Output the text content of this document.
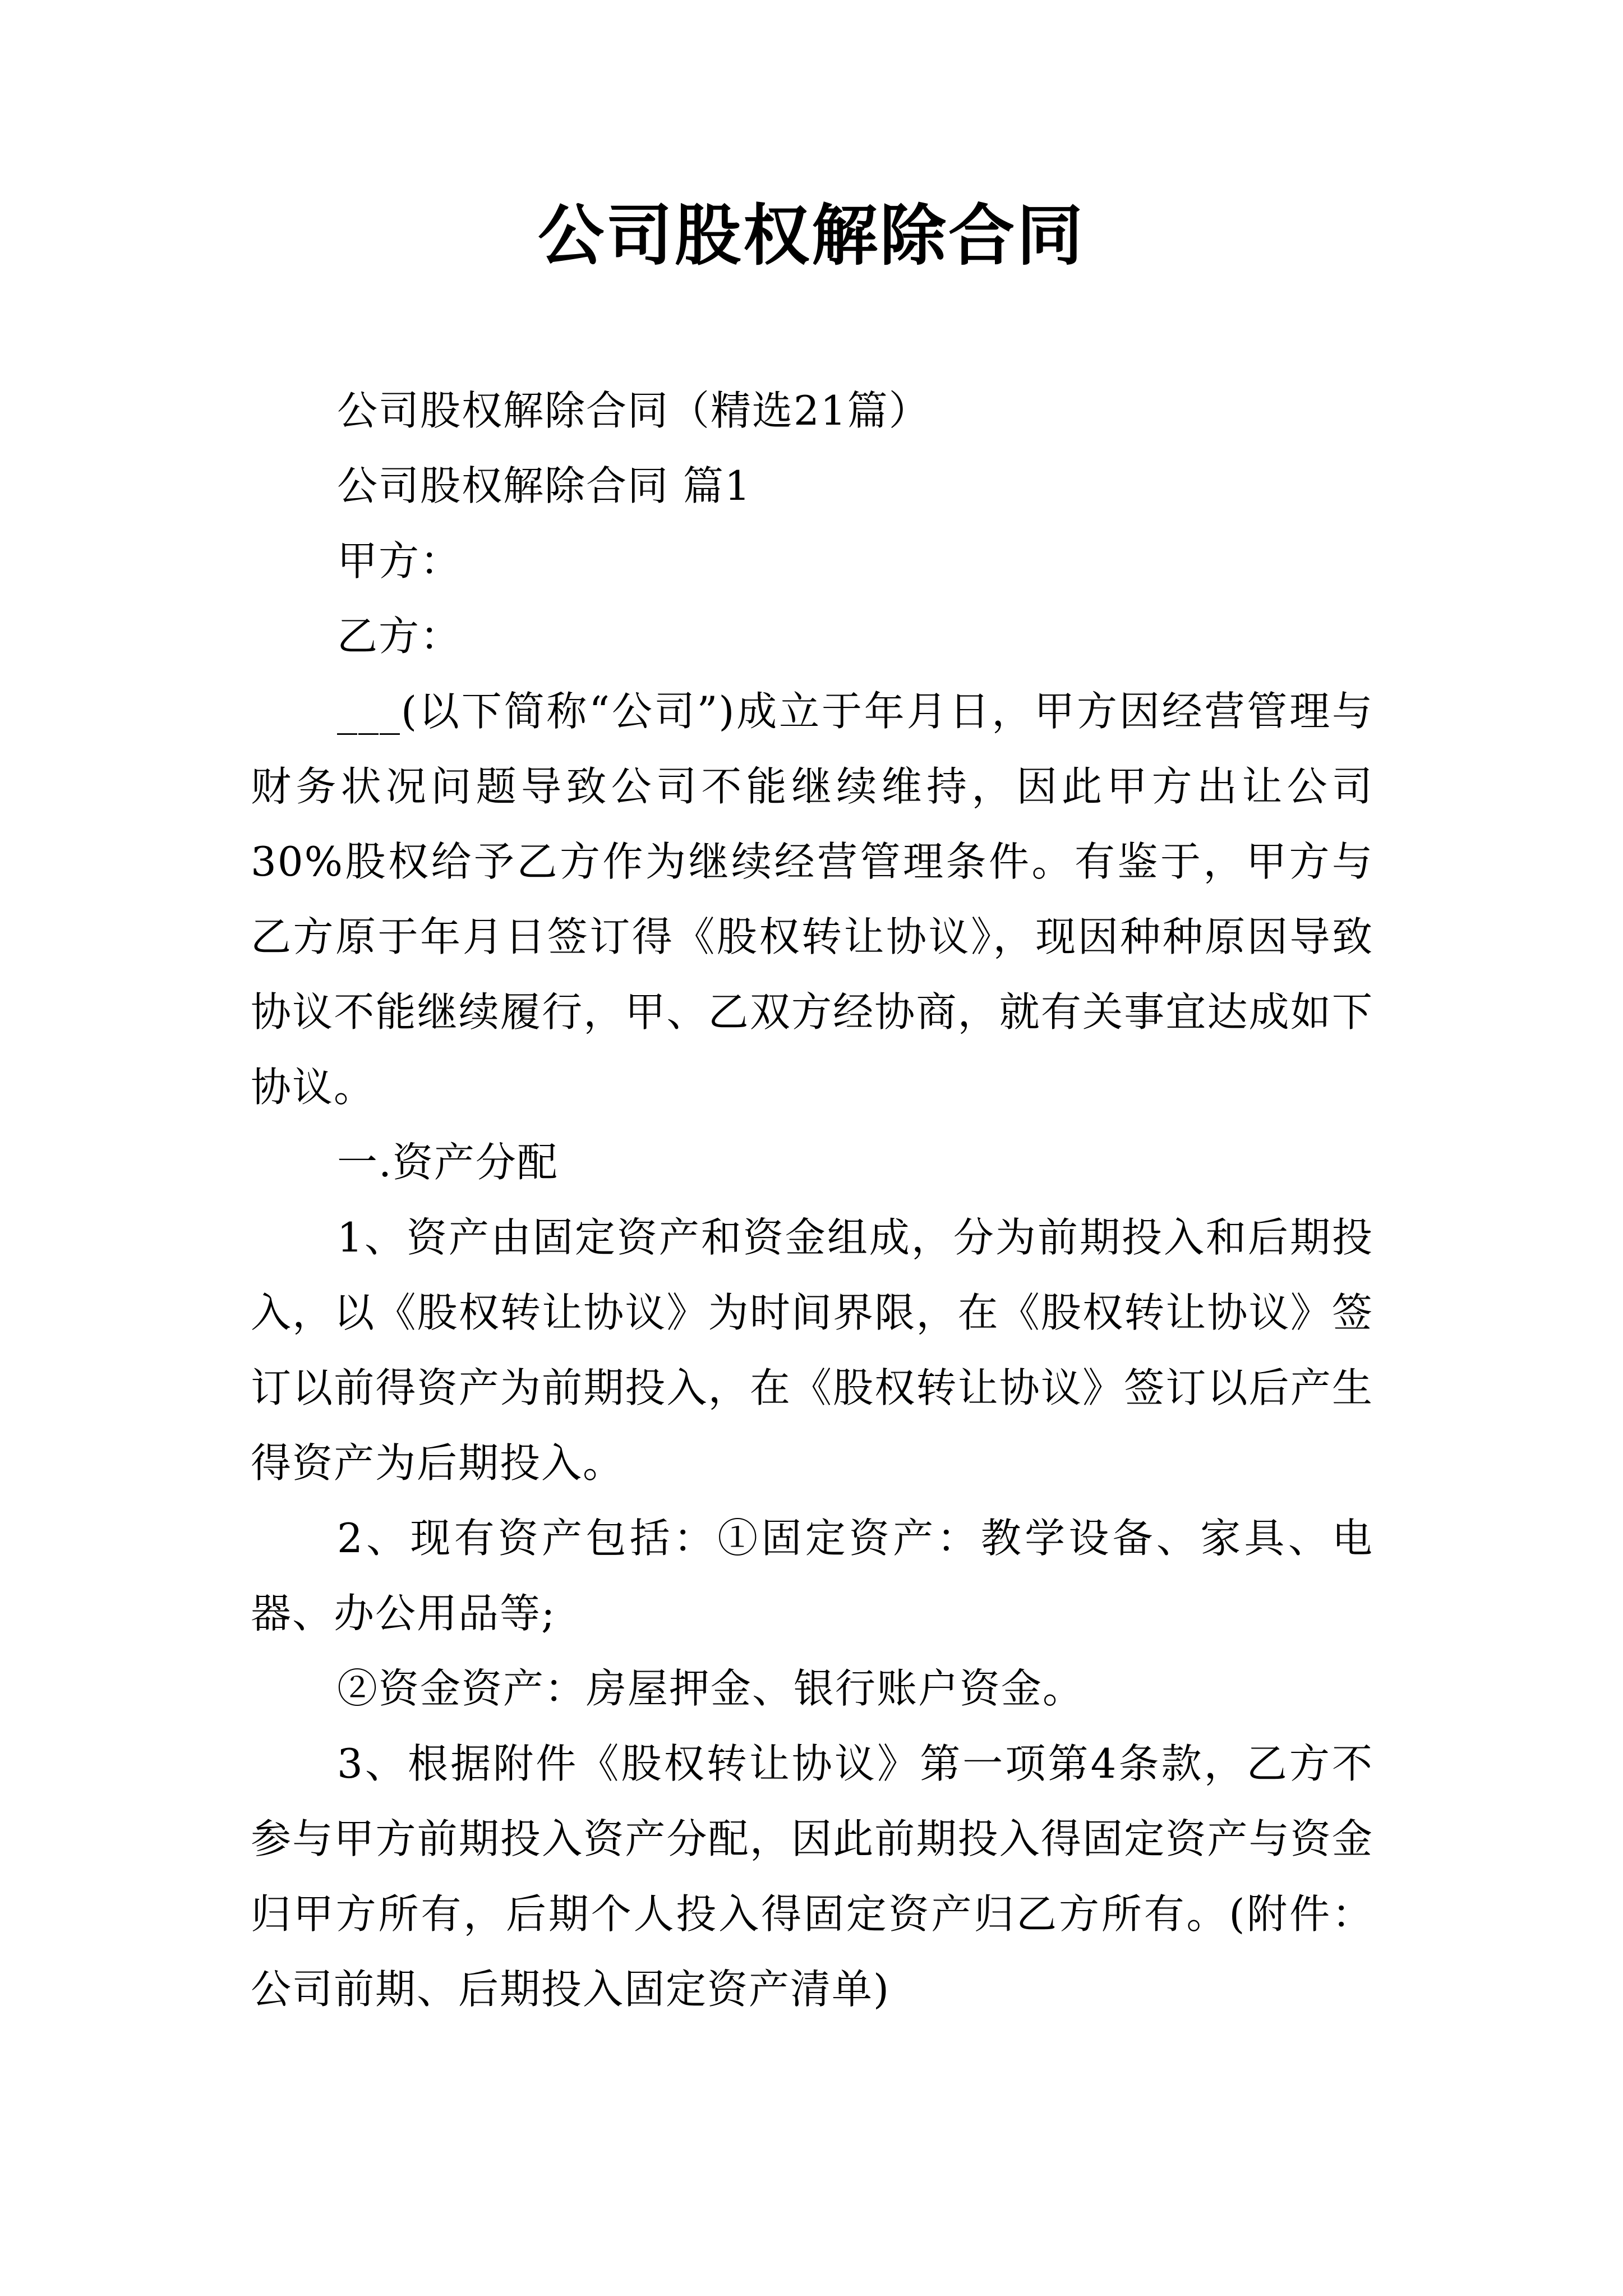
公司股权解除合同

公司股权解除合同（精选21篇）

公司股权解除合同 篇1

甲方：

乙方：

___(以下简称“公司”)成立于年月日，甲方因经营管理与财务状况问题导致公司不能继续维持，因此甲方出让公司30%股权给予乙方作为继续经营管理条件。有鉴于，甲方与乙方原于年月日签订得《股权转让协议》，现因种种原因导致协议不能继续履行，甲、乙双方经协商，就有关事宜达成如下协议。

一.资产分配

1、资产由固定资产和资金组成，分为前期投入和后期投入，以《股权转让协议》为时间界限，在《股权转让协议》签订以前得资产为前期投入，在《股权转让协议》签订以后产生得资产为后期投入。

2、现有资产包括：①固定资产：教学设备、家具、电器、办公用品等;

②资金资产：房屋押金、银行账户资金。

3、根据附件《股权转让协议》第一项第4条款，乙方不参与甲方前期投入资产分配，因此前期投入得固定资产与资金归甲方所有，后期个人投入得固定资产归乙方所有。(附件：公司前期、后期投入固定资产清单)
